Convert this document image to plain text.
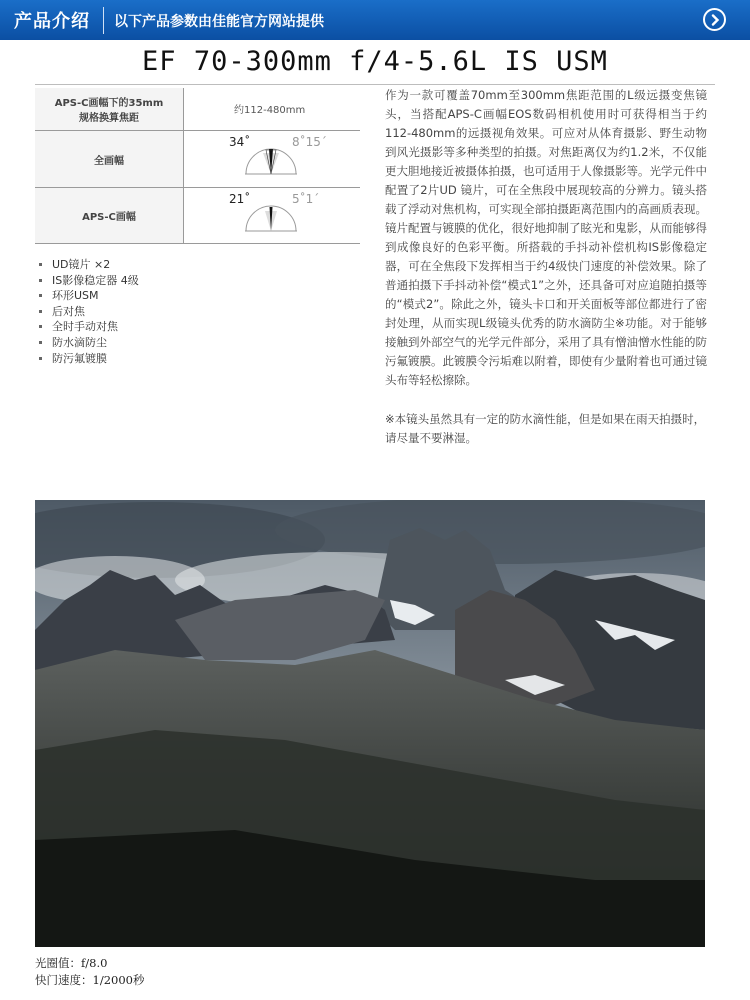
产品介绍 以下产品参数由佳能官方网站提供
EF 70-300mm f/4-5.6L IS USM
APS-C画幅下的35mm
规格换算焦距	约112-480mm

全画幅	34˚ 8˚15´

APS-C画幅	21˚ 5˚1´
UD镜片 ×2
IS影像稳定器 4级
环形USM
后对焦
全时手动对焦
防水滴防尘
防污氟镀膜

作为一款可覆盖70mm至300mm焦距范围的L级远摄变焦镜头，当搭配APS-C画幅EOS数码相机使用时可获得相当于约112-480mm的远摄视角效果。可应对从体育摄影、野生动物到风光摄影等多种类型的拍摄。对焦距离仅为约1.2米，不仅能更大胆地接近被摄体拍摄，也可适用于人像摄影等。光学元件中配置了2片UD 镜片，可在全焦段中展现较高的分辨力。镜头搭载了浮动对焦机构，可实现全部拍摄距离范围内的高画质表现。镜片配置与镀膜的优化，很好地抑制了眩光和鬼影，从而能够得到成像良好的色彩平衡。所搭载的手抖动补偿机构IS影像稳定器，可在全焦段下发挥相当于约4级快门速度的补偿效果。除了普通拍摄下手抖动补偿“模式1”之外，还具备可对应追随拍摄等的“模式2”。除此之外，镜头卡口和开关面板等部位都进行了密封处理，从而实现L级镜头优秀的防水滴防尘※功能。对于能够接触到外部空气的光学元件部分，采用了具有憎油憎水性能的防污氟镀膜。此镀膜令污垢难以附着，即使有少量附着也可通过镜头布等轻松擦除。

※本镜头虽然具有一定的防水滴性能，但是如果在雨天拍摄时，请尽量不要淋湿。

光圈值：f/8.0
快门速度：1/2000秒
